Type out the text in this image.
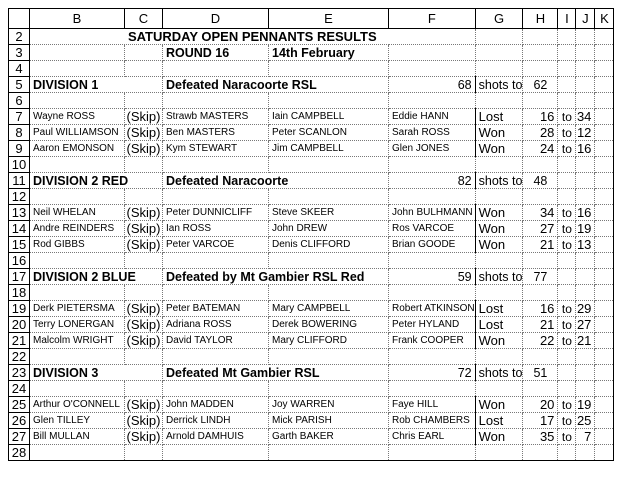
	B	C	D	E	F	G	H	I	J	K
2	SATURDAY OPEN PENNANTS RESULTS									
3			ROUND 16	14th February						
4										
5	DIVISION 1		Defeated Naracoorte RSL		68	shots to	62			
6										
7	Wayne ROSS	(Skip)	Strawb MASTERS	Iain CAMPBELL	Eddie HANN	Lost	16	to	34	
8	Paul WILLIAMSON	(Skip)	Ben MASTERS	Peter SCANLON	Sarah ROSS	Won	28	to	12	
9	Aaron EMONSON	(Skip)	Kym STEWART	Jim CAMPBELL	Glen JONES	Won	24	to	16	
10										
11	DIVISION 2 RED		Defeated Naracoorte		82	shots to	48			
12										
13	Neil WHELAN	(Skip)	Peter DUNNICLIFF	Steve SKEER	John BULHMANN	Won	34	to	16	
14	Andre REINDERS	(Skip)	Ian ROSS	John DREW	Ros VARCOE	Won	27	to	19	
15	Rod GIBBS	(Skip)	Peter VARCOE	Denis CLIFFORD	Brian GOODE	Won	21	to	13	
16										
17	DIVISION 2 BLUE		Defeated by Mt Gambier RSL Red		59	shots to	77			
18										
19	Derk PIETERSMA	(Skip)	Peter BATEMAN	Mary CAMPBELL	Robert ATKINSON	Lost	16	to	29	
20	Terry LONERGAN	(Skip)	Adriana ROSS	Derek BOWERING	Peter HYLAND	Lost	21	to	27	
21	Malcolm WRIGHT	(Skip)	David TAYLOR	Mary CLIFFORD	Frank COOPER	Won	22	to	21	
22										
23	DIVISION 3		Defeated Mt Gambier RSL		72	shots to	51			
24										
25	Arthur O'CONNELL	(Skip)	John MADDEN	Joy WARREN	Faye HILL	Won	20	to	19	
26	Glen TILLEY	(Skip)	Derrick LINDH	Mick PARISH	Rob CHAMBERS	Lost	17	to	25	
27	Bill MULLAN	(Skip)	Arnold DAMHUIS	Garth BAKER	Chris EARL	Won	35	to	7	
28										
